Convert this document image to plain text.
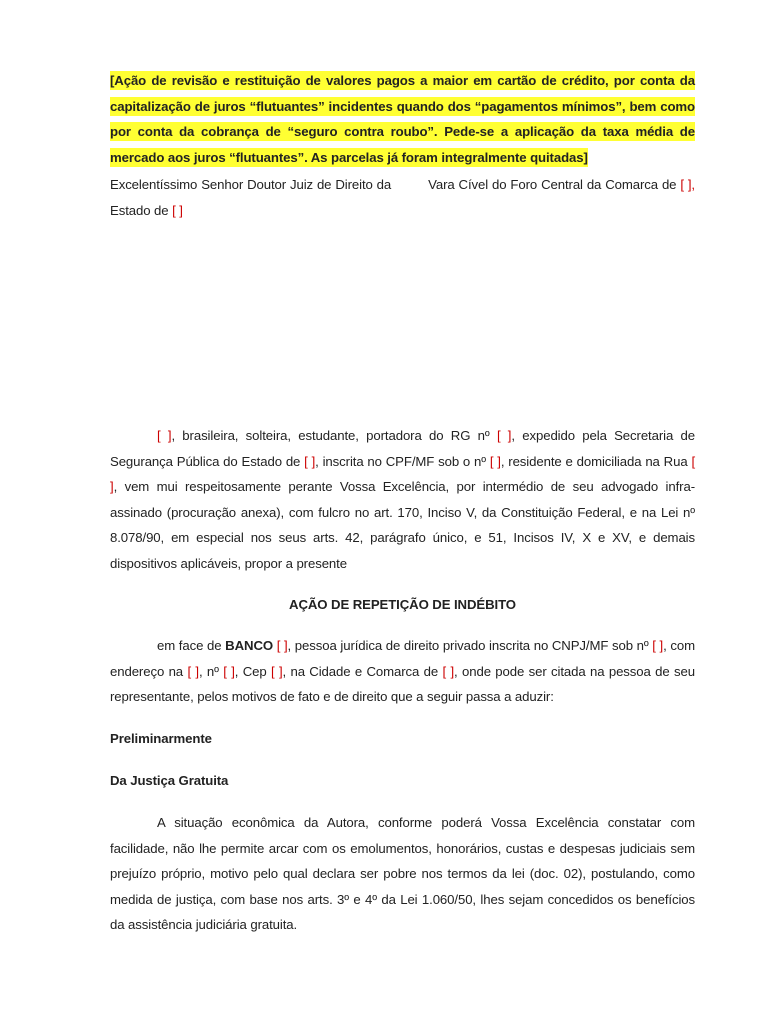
[Ação de revisão e restituição de valores pagos a maior em cartão de crédito, por conta da capitalização de juros “flutuantes” incidentes quando dos “pagamentos mínimos”, bem como por conta da cobrança de “seguro contra roubo”. Pede-se a aplicação da taxa média de mercado aos juros “flutuantes”. As parcelas já foram integralmente quitadas]
Excelentíssimo Senhor Doutor Juiz de Direito da	Vara Cível do Foro Central da Comarca de [ ], Estado de [ ]
[ ], brasileira, solteira, estudante, portadora do RG nº [ ], expedido pela Secretaria de Segurança Pública do Estado de [ ], inscrita no CPF/MF sob o nº [ ], residente e domiciliada na Rua [ ], vem mui respeitosamente perante Vossa Excelência, por intermédio de seu advogado infra-assinado (procuração anexa), com fulcro no art. 170, Inciso V, da Constituição Federal, e na Lei nº 8.078/90, em especial nos seus arts. 42, parágrafo único, e 51, Incisos IV, X e XV, e demais dispositivos aplicáveis, propor a presente
AÇÃO DE REPETIÇÃO DE INDÉBITO
em face de BANCO [ ], pessoa jurídica de direito privado inscrita no CNPJ/MF sob nº [ ], com endereço na [ ], nº [ ], Cep [ ], na Cidade e Comarca de [ ], onde pode ser citada na pessoa de seu representante, pelos motivos de fato e de direito que a seguir passa a aduzir:
Preliminarmente
Da Justiça Gratuita
A situação econômica da Autora, conforme poderá Vossa Excelência constatar com facilidade, não lhe permite arcar com os emolumentos, honorários, custas e despesas judiciais sem prejuízo próprio, motivo pelo qual declara ser pobre nos termos da lei (doc. 02), postulando, como medida de justiça, com base nos arts. 3º e 4º da Lei 1.060/50, lhes sejam concedidos os benefícios da assistência judiciária gratuita.
